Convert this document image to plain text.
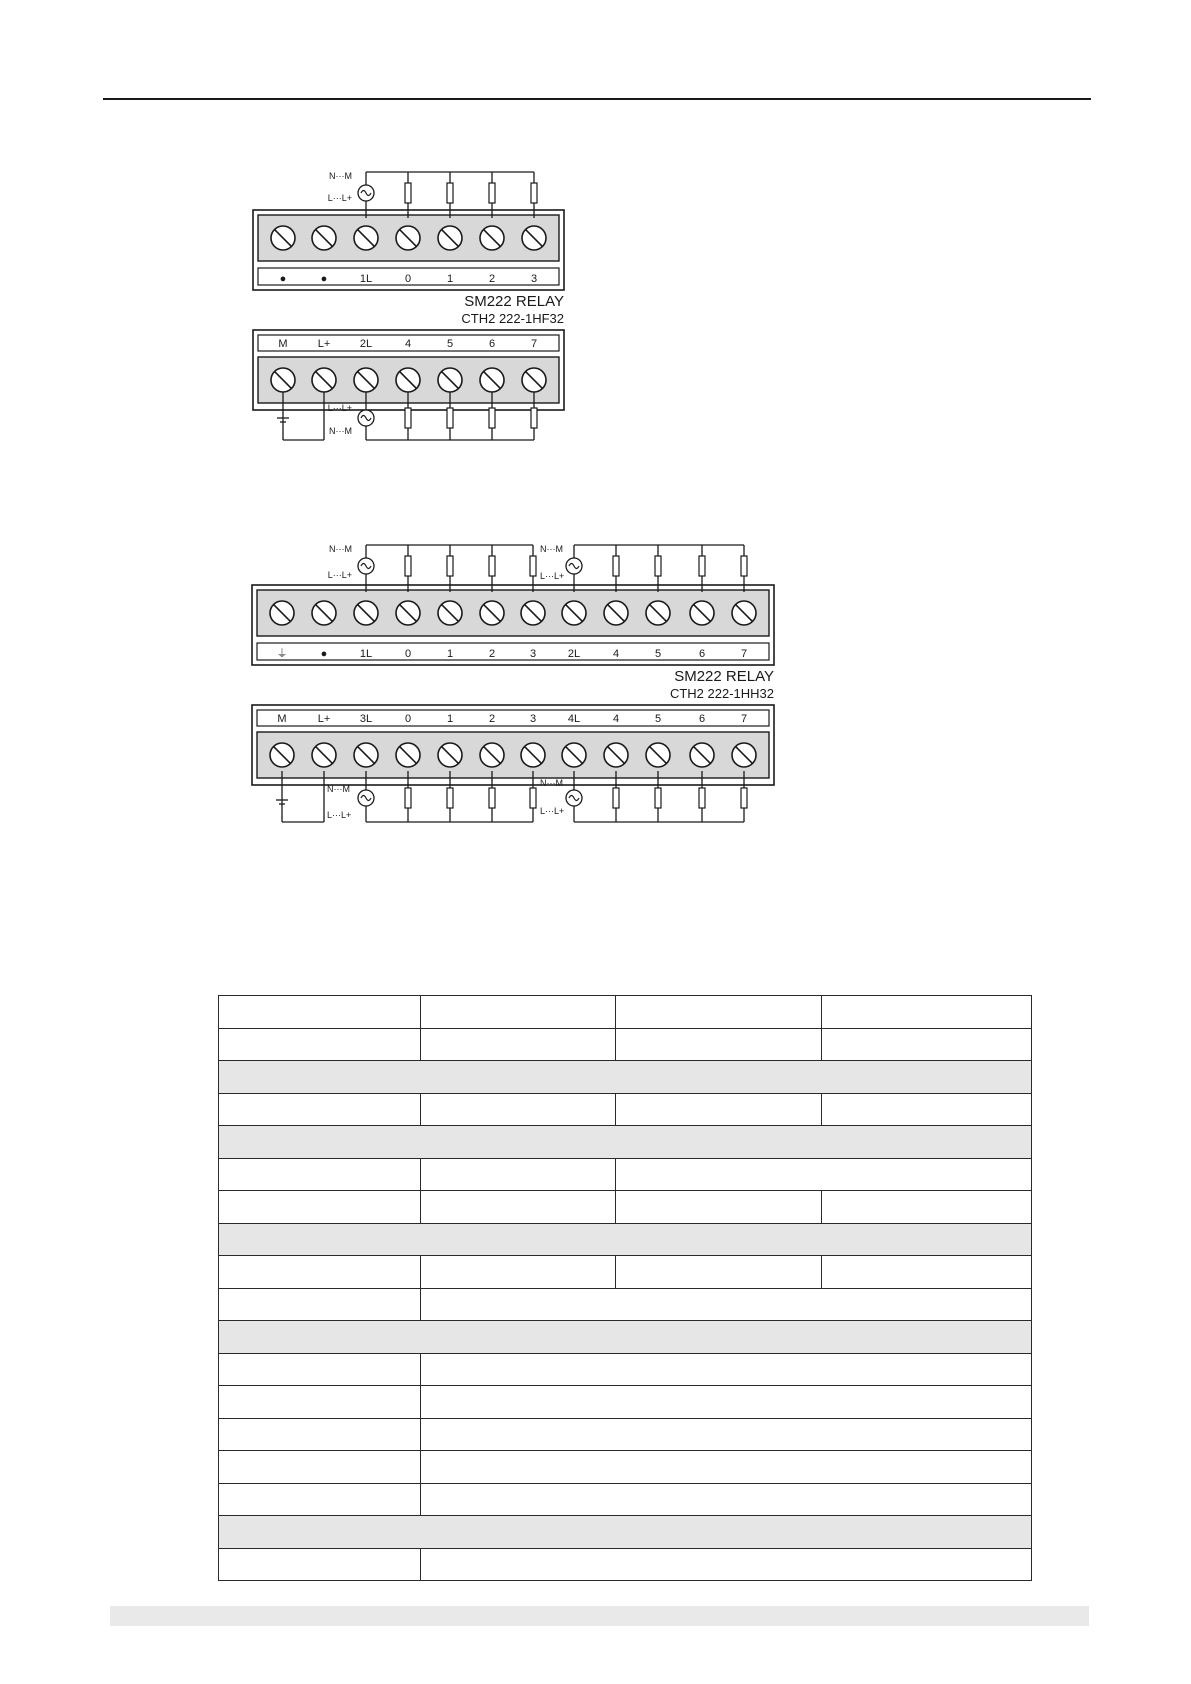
●	●	1L	0	1	2	3
SM222 RELAY
CTH2 222-1HF32
M	L+	2L	4	5	6	7
N···M
L···L+
L···L+
N···M
⏚	●	1L	0	1	2	3	2L	4	5	6	7
SM222 RELAY
CTH2 222-1HH32
M	L+	3L	0	1	2	3	4L	4	5	6	7
N···M
L···L+
N···M
L···L+
N···M
L···L+
N···M
L···L+
